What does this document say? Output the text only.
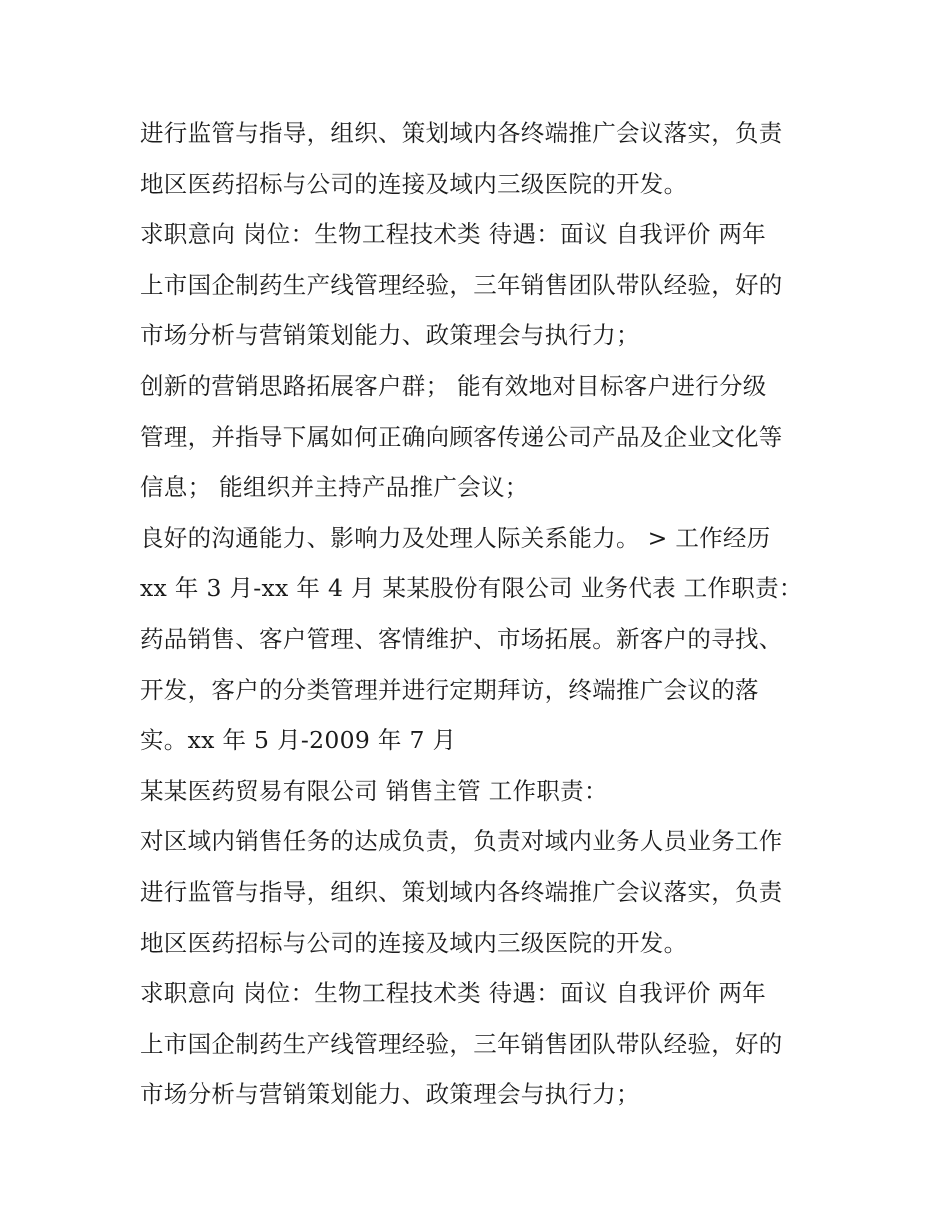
进行监管与指导，组织、策划域内各终端推广会议落实，负责
地区医药招标与公司的连接及域内三级医院的开发。
求职意向 岗位：生物工程技术类 待遇：面议 自我评价 两年
上市国企制药生产线管理经验，三年销售团队带队经验，好的
市场分析与营销策划能力、政策理会与执行力；
创新的营销思路拓展客户群； 能有效地对目标客户进行分级
管理，并指导下属如何正确向顾客传递公司产品及企业文化等
信息； 能组织并主持产品推广会议；
良好的沟通能力、影响力及处理人际关系能力。 > 工作经历
xx 年 3 月-xx 年 4 月 某某股份有限公司 业务代表 工作职责：
药品销售、客户管理、客情维护、市场拓展。新客户的寻找、
开发，客户的分类管理并进行定期拜访，终端推广会议的落
实。xx 年 5 月-2009 年 7 月
某某医药贸易有限公司 销售主管 工作职责：
对区域内销售任务的达成负责，负责对域内业务人员业务工作
进行监管与指导，组织、策划域内各终端推广会议落实，负责
地区医药招标与公司的连接及域内三级医院的开发。
求职意向 岗位：生物工程技术类 待遇：面议 自我评价 两年
上市国企制药生产线管理经验，三年销售团队带队经验，好的
市场分析与营销策划能力、政策理会与执行力；
